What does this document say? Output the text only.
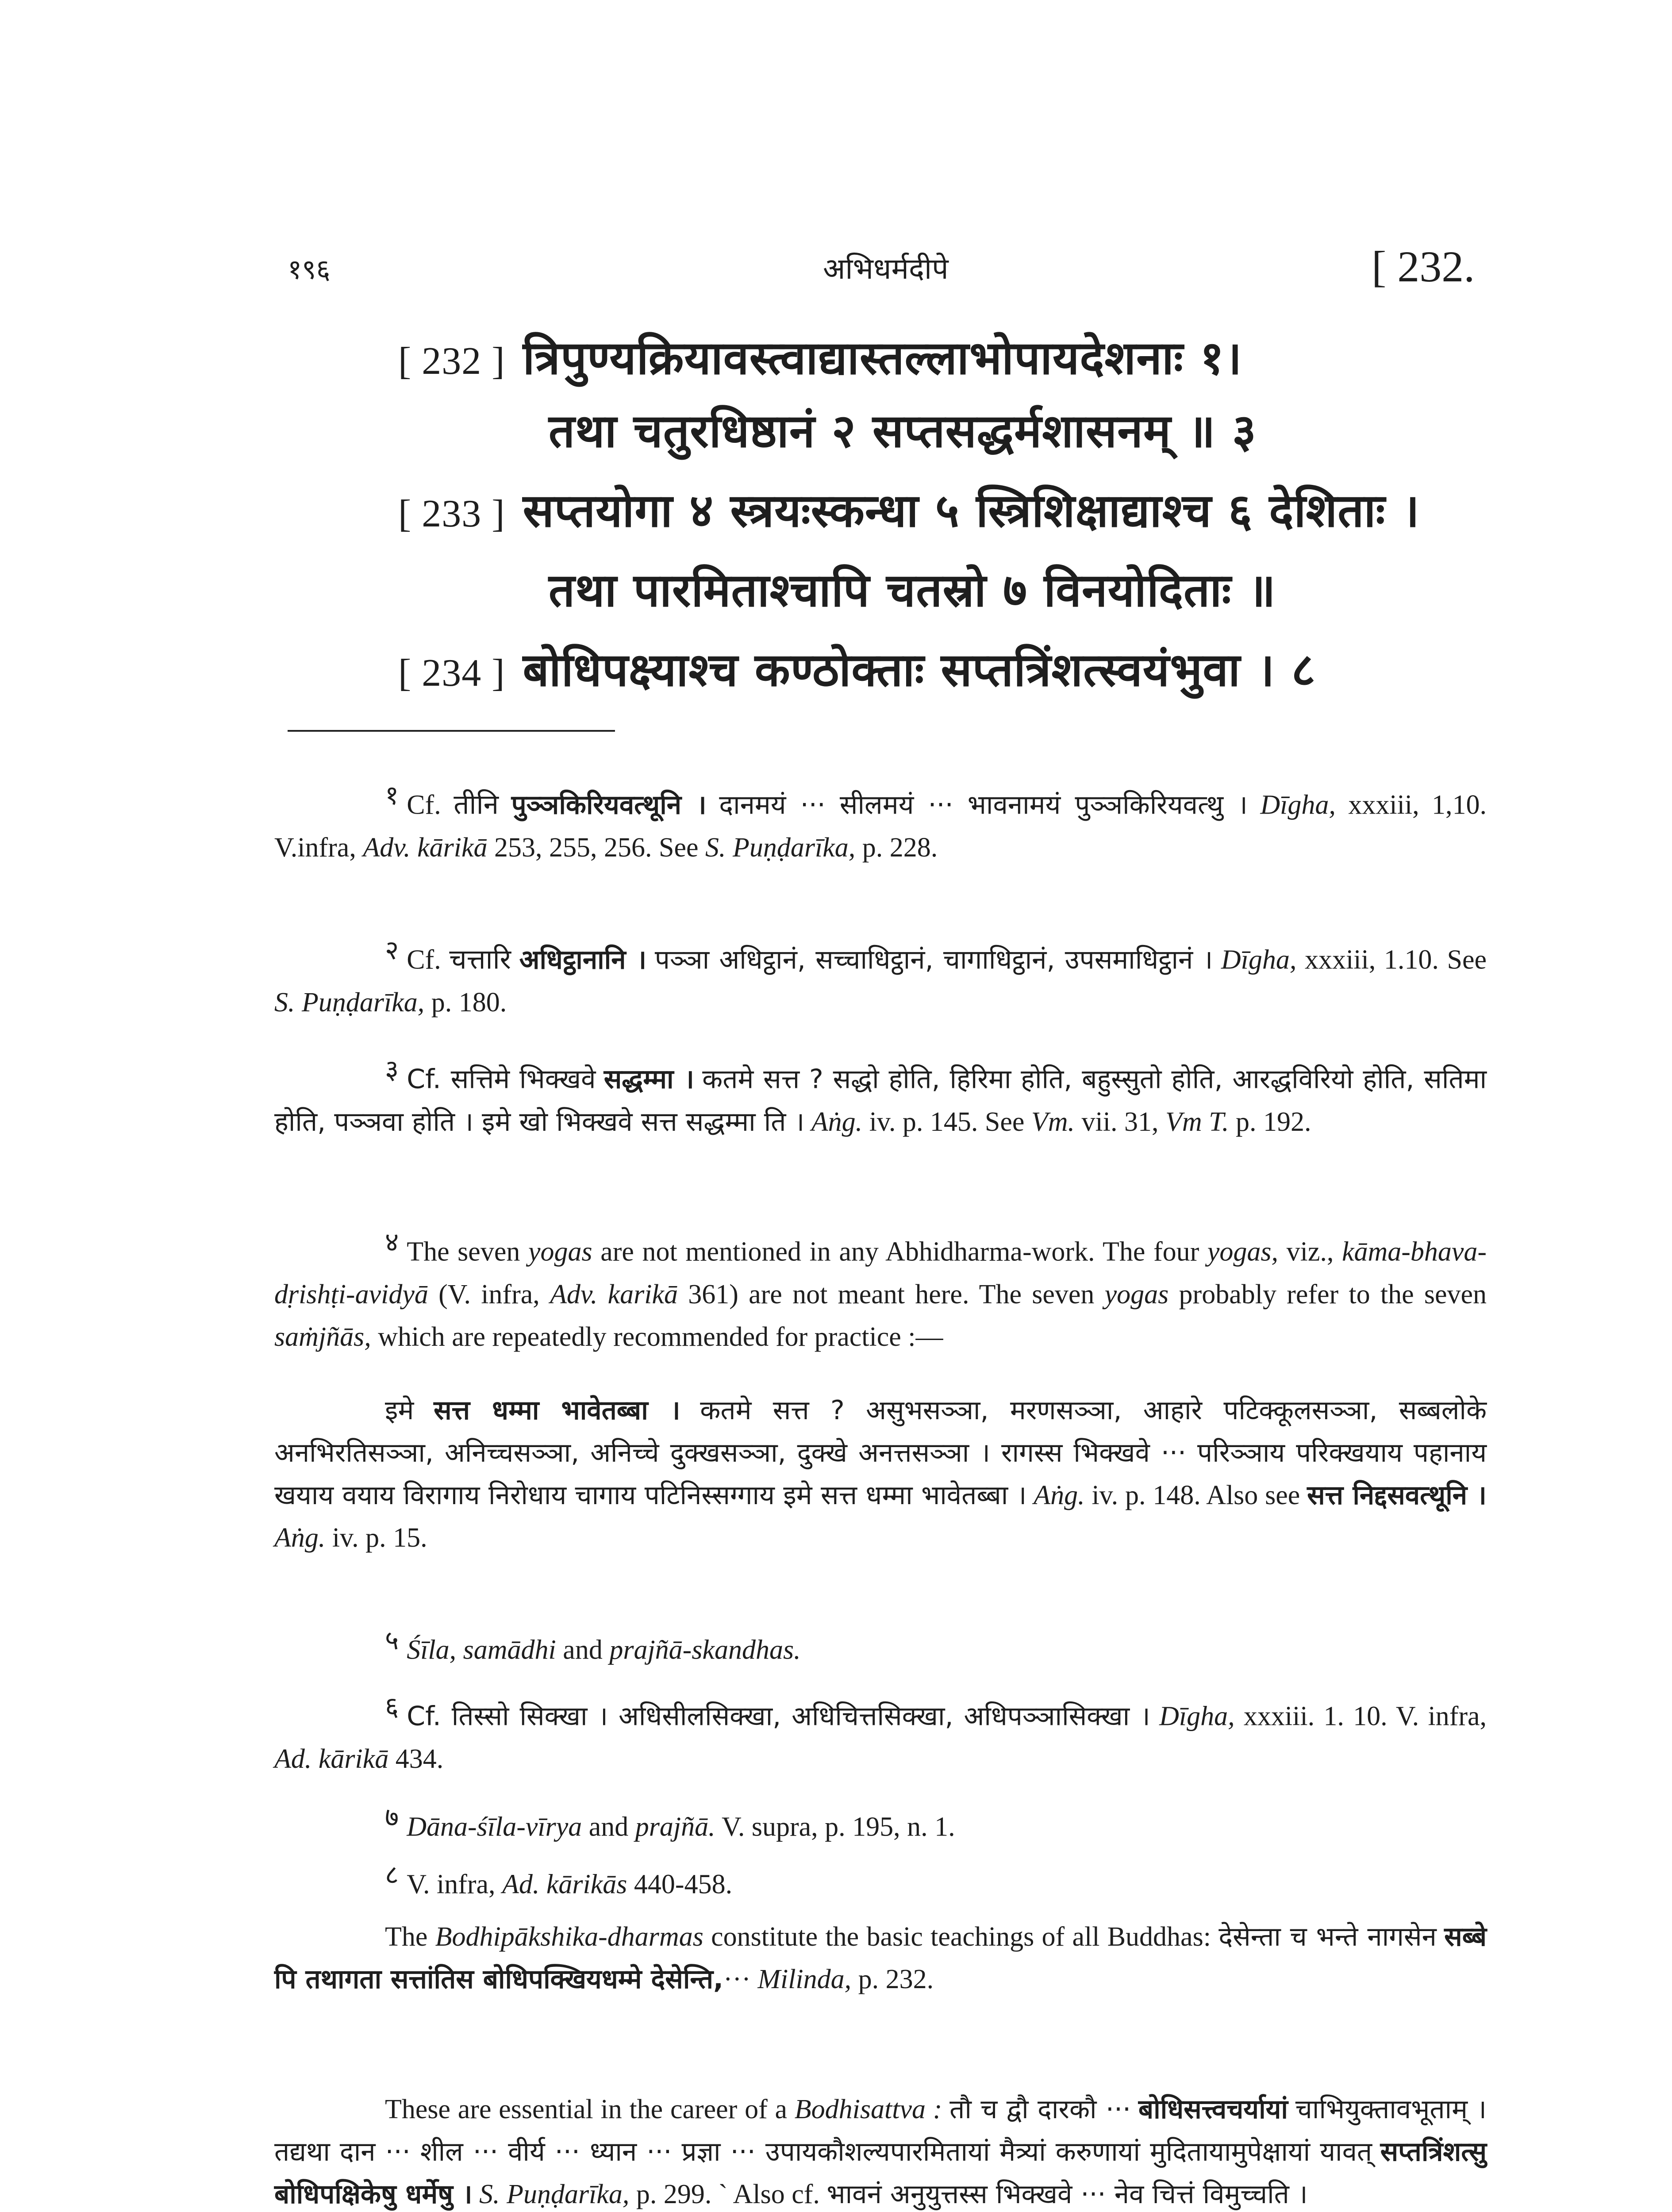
१९६	अभिधर्मदीपे	[ 232.
[ 232 ] त्रिपुण्यक्रियावस्त्वाद्यास्तल्लाभोपायदेशनाः १।
तथा चतुरधिष्ठानं २ सप्तसद्धर्मशासनम् ॥ ३
[ 233 ] सप्तयोगा ४ स्त्रयःस्कन्धा ५ स्त्रिशिक्षाद्याश्च ६ देशिताः ।
तथा पारमिताश्चापि चतस्रो ७ विनयोदिताः ॥
[ 234 ] बोधिपक्ष्याश्च कण्ठोक्ताः सप्तत्रिंशत्स्वयंभुवा । ८
१ Cf. तीनि पुञ्ञकिरियवत्थूनि । दानमयं ··· सीलमयं ··· भावनामयं पुञ्ञकिरियवत्थु । Dīgha, xxxiii, 1,10. V.infra, Adv. kārikā 253, 255, 256. See S. Puṇḍarīka, p. 228.
२ Cf. चत्तारि अधिट्ठानानि । पञ्ञा अधिट्ठानं, सच्चाधिट्ठानं, चागाधिट्ठानं, उपसमाधिट्ठानं । Dīgha, xxxiii, 1.10. See S. Puṇḍarīka, p. 180.
३ Cf. सत्तिमे भिक्खवे सद्धम्मा । कतमे सत्त ? सद्धो होति, हिरिमा होति, बहुस्सुतो होति, आरद्धविरियो होति, सतिमा होति, पञ्ञवा होति । इमे खो भिक्खवे सत्त सद्धम्मा ति । Aṅg. iv. p. 145. See Vm. vii. 31, Vm T. p. 192.
४ The seven yogas are not mentioned in any Abhidharma-work. The four yogas, viz., kāma-bhava-dṛishṭi-avidyā (V. infra, Adv. karikā 361) are not meant here. The seven yogas probably refer to the seven saṁjñās, which are repeatedly recommended for practice :—
इमे सत्त धम्मा भावेतब्बा । कतमे सत्त ? असुभसञ्ञा, मरणसञ्ञा, आहारे पटिक्कूलसञ्ञा, सब्बलोके अनभिरतिसञ्ञा, अनिच्चसञ्ञा, अनिच्चे दुक्खसञ्ञा, दुक्खे अनत्तसञ्ञा । रागस्स भिक्खवे ··· परिञ्ञाय परिक्खयाय पहानाय खयाय वयाय विरागाय निरोधाय चागाय पटिनिस्सग्गाय इमे सत्त धम्मा भावेतब्बा । Aṅg. iv. p. 148. Also see सत्त निद्दसवत्थूनि । Aṅg. iv. p. 15.
५ Śīla, samādhi and prajñā-skandhas.
६ Cf. तिस्सो सिक्खा । अधिसीलसिक्खा, अधिचित्तसिक्खा, अधिपञ्ञासिक्खा । Dīgha, xxxiii. 1. 10. V. infra, Ad. kārikā 434.
७ Dāna-śīla-vīrya and prajñā. V. supra, p. 195, n. 1.
८ V. infra, Ad. kārikās 440-458.
The Bodhipākshika-dharmas constitute the basic teachings of all Buddhas: देसेन्ता च भन्ते नागसेन सब्बे पि तथागता सत्तांतिस बोधिपक्खियधम्मे देसेन्ति,··· Milinda, p. 232.
These are essential in the career of a Bodhisattva : तौ च द्वौ दारकौ ··· बोधिसत्त्वचर्यायां चाभियुक्तावभूताम् । तद्यथा दान ··· शील ··· वीर्य ··· ध्यान ··· प्रज्ञा ··· उपायकौशल्यपारमितायां मैत्र्यां करुणायां मुदितायामुपेक्षायां यावत् सप्तत्रिंशत्सु बोधिपक्षिकेषु धर्मेषु । S. Puṇḍarīka, p. 299. ˋ Also cf. भावनं अनुयुत्तस्स भिक्खवे ··· नेव चित्तं विमुच्चति ।
